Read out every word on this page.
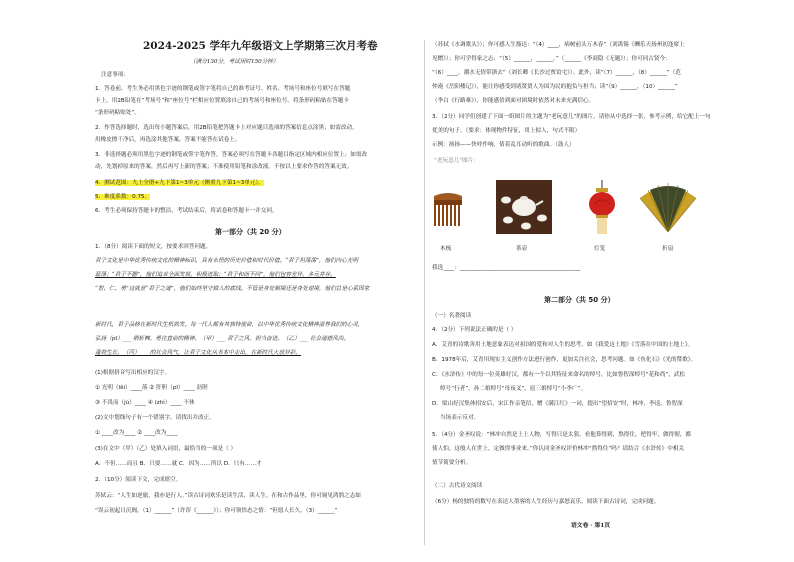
2024-2025 学年九年级语文上学期第三次月考卷
（满分130分，考试用时150分钟）
注意事项：
1．答卷前，考生务必用黑色字迹的钢笔或签字笔将自己的准考证号、姓名、考场号和座位号填写在答题
卡上。用2B铅笔在“考场号”和“座位号”栏相应位置填涂自己的考场号和座位号。将条形码粘贴在答题卡
“条形码粘贴处”。
2．作答选择题时，选出每小题答案后，用2B铅笔把答题卡上对应题目选项的答案信息点涂黑；如需改动，
用橡皮擦干净后，再选涂其他答案，答案不能答在试卷上。
3．非选择题必须用黑色字迹的钢笔或签字笔作答，答案必须写在答题卡各题目指定区域内相应位置上；如需改
动，先划掉原来的答案，然后再写上新的答案；不准使用铅笔和涂改液。不按以上要求作答的答案无效。
4．测试范围：九上全册+九下第1~3单元（侧重九下第1~3单元）。
5．难度系数：0.75。
6．考生必须保持答题卡的整洁。考试结束后，将试卷和答题卡一并交回。
第一部分（共 20 分）
1．（8分）阅读下面的短文，按要求回答问题。
君子文化是中华优秀传统文化的精神标识，具有永恒的历史价值和时代价值。“君子坦荡荡”，他们内心光明
磊落；“君子不器”，他们追求全面发展，积极进取；“君子和而不同”，他们包容差异，多元并存。
“智、仁、勇”这就是“君子之道”，他们始终坚守做人的底线。不管是身处顺境还是身处逆境，他们总是心系国家
新时代，君子品格在新时代生机勃发。每一代人都有其独特使命，以中华优秀传统文化精神滋养我们的心灵，
弘扬（pī）___ 荆斩棘、勇往直前的精神。（甲）___ 君子之风，担当奋进。（乙）___ 社会道德风尚。
蓬勃生长，（丙）___ 的社会风气，让君子文化从书本中走出，在新时代大放异彩。
(1)根据拼音写出相应的汉字。
① 光明（lěi）____落 ② 肝胆（pī）____ 沥胆
③ 不畏而（jù）____ ④ (zhì）____ 不休
(2)文中划线句子有一个错别字，请找出并改正。
① ____改为____ ② ____改为____
(3)在文中（甲）（乙）处填入词语，最恰当的一项是（ ）
A．不但……而且 B．只要……就 C．因为……所以 D．只有……才
2．（10分）阅读下文，完成填空。
苏轼云：“人生如逆旅，我亦是行人。”读古诗词欢乐是读生活、读人生。在和古作品里，你可窥见鸿鹄之志如
“误云初起日沉阁，（1）______”（许浑《______》）；你可领悟态之情：“但愿人长久，（3）______”
（苏轼《水调歌头》）；你可感人生豁达：“（4）____，病树前头万木春”（刘禹锡《酬乐天扬州初逢席上
见赠》）；你可学得家之志：“（5）______，______。”（______《李商隐《无题》）；你可同古贤今：
“（6）____，潮水无情带浙去”（刘长卿《长沙过贾谊宅》）。此外，读“（7）______，（8）______”（范
仲淹《岳阳楼记》），能让你感受到诸贤贤人为国为民的抱负与担当；读“（9）______，（10）______”
（李白《行路难》），你能感悟到面对困境时依然对未来充满信心。
3．（2分）同学们创建了下面一组图片的主题为“老玩意儿”的图片，请你从中选择一张，参考示例，给它配上一句
优美的句子。（要求：体现物件特征，用上拟人，句式不限）
示例：扬扬——快呼作响，倩着乱耳动听的歌曲。（鼓人）
“老玩意儿”图片：
木梳	茶壶	灯笼	折扇
我选____：___________________________________________
第二部分（共 50 分）
（一）名著阅读
4．（2分）下列说法正确的是（ ）
A．艾青的诗歌善用土地意象表达对祖国的爱和对人生的思考，如《我爱这土地》《雪落在中国的土地上》。
B．1978年后，艾青用现实主义创作方法进行创作，更加关注社会，思考问题。如《鱼化石》《光的赞歌》。
C．《水浒传》中的每一位英雄好汉，都有一个以其特征来命名的绰号，比如鲁智深绰号“花和尚”，武松
绰号“行者”，孙二娘绰号“母夜叉”，扈三娘绰号“小李广”。
D．梁山好汉集体招安后，宋江作亲笔信，赠《满江红》一词，提出“望招安”时，林冲、李逵、鲁智深
当场表示反对。
5．（4分）金圣叹说：“林冲自然是上上人物，写得只是太狠。看他算得到，熬得住，把得牢，做得彻，都
使人怕。这般人在世上，定做得事业来。”你认同金圣叹评价林冲“熬得住”吗？请结合《水浒传》中相关
情节简要分析。
（二）古代诗文阅读
（6分）杨的独特的数写在表达人墨客的人生经历与嘉怒哀乐，阅读下面古诗词，完成问题。
语文卷 · 第1页
